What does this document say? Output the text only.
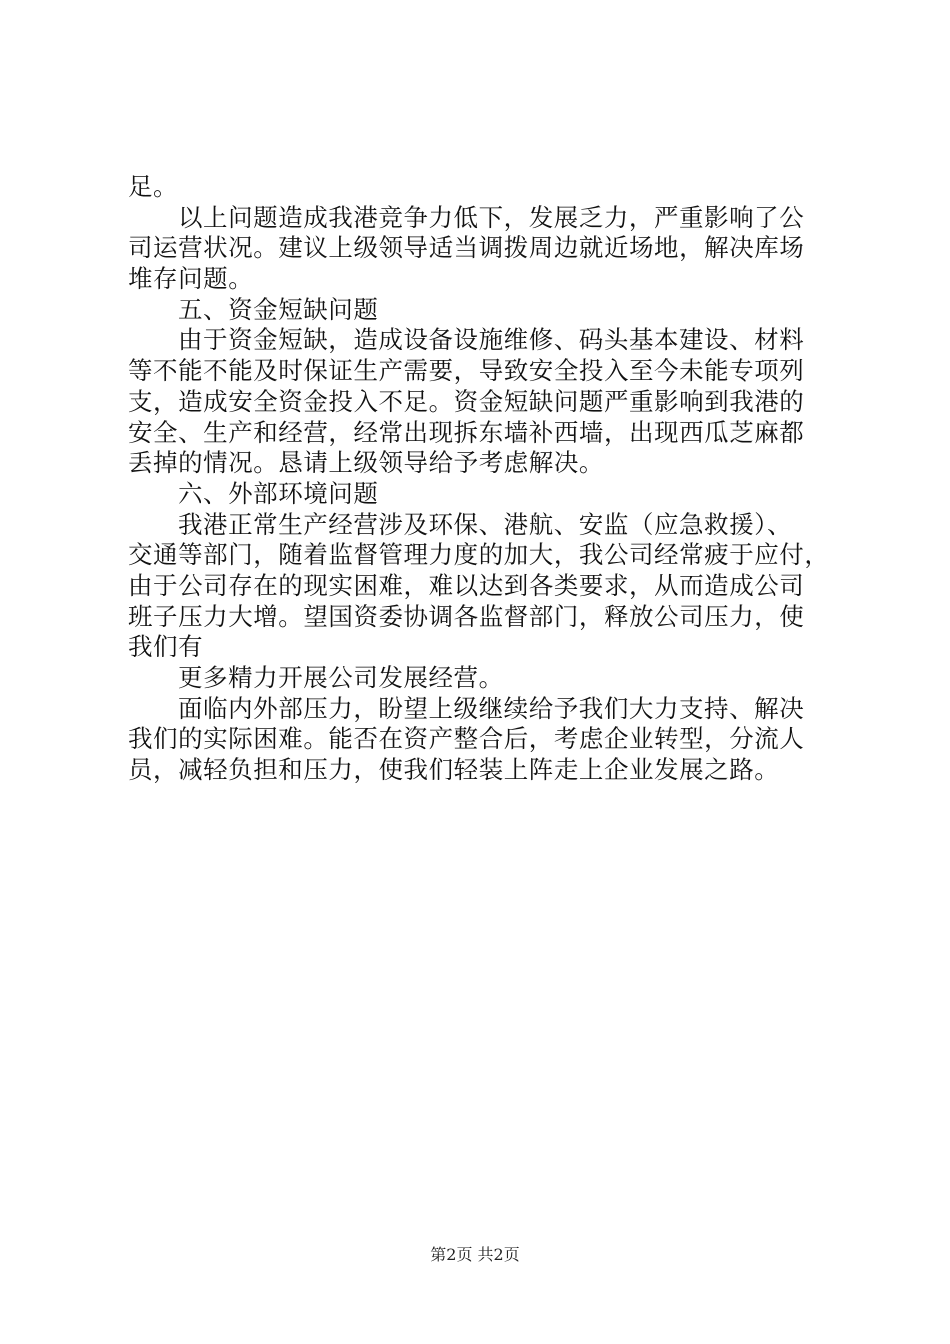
足。
以上问题造成我港竞争力低下，发展乏力，严重影响了公
司运营状况。建议上级领导适当调拨周边就近场地，解决库场
堆存问题。
五、资金短缺问题
由于资金短缺，造成设备设施维修、码头基本建设、材料
等不能不能及时保证生产需要，导致安全投入至今未能专项列
支，造成安全资金投入不足。资金短缺问题严重影响到我港的
安全、生产和经营，经常出现拆东墙补西墙，出现西瓜芝麻都
丢掉的情况。恳请上级领导给予考虑解决。
六、外部环境问题
我港正常生产经营涉及环保、港航、安监（应急救援）、
交通等部门，随着监督管理力度的加大，我公司经常疲于应付，
由于公司存在的现实困难，难以达到各类要求，从而造成公司
班子压力大增。望国资委协调各监督部门，释放公司压力，使
我们有
更多精力开展公司发展经营。
面临内外部压力，盼望上级继续给予我们大力支持、解决
我们的实际困难。能否在资产整合后，考虑企业转型，分流人
员，减轻负担和压力，使我们轻装上阵走上企业发展之路。
第2页 共2页
